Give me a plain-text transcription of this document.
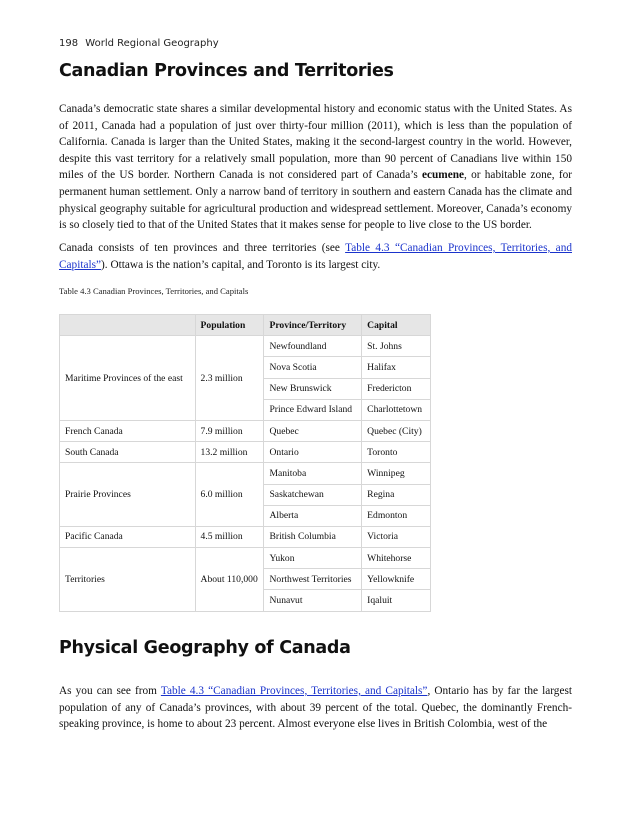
198 World Regional Geography
Canadian Provinces and Territories

Canada’s democratic state shares a similar developmental history and economic status with the United States. As of 2011, Canada had a population of just over thirty-four million (2011), which is less than the population of California. Canada is larger than the United States, making it the second-largest country in the world. However, despite this vast territory for a relatively small population, more than 90 percent of Canadians live within 150 miles of the US border. Northern Canada is not considered part of Canada’s ecumene, or habitable zone, for permanent human settlement. Only a narrow band of territory in southern and eastern Canada has the climate and physical geography suitable for agricultural production and widespread settlement. Moreover, Canada’s economy is so closely tied to that of the United States that it makes sense for people to live close to the US border.

Canada consists of ten provinces and three territories (see Table 4.3 “Canadian Provinces, Territories, and Capitals”). Ottawa is the nation’s capital, and Toronto is its largest city.

Table 4.3 Canadian Provinces, Territories, and Capitals
	Population	Province/Territory	Capital
Maritime Provinces of the east	2.3 million	Newfoundland	St. Johns
		Nova Scotia	Halifax
		New Brunswick	Fredericton
		Prince Edward Island	Charlottetown
French Canada	7.9 million	Quebec	Quebec (City)
South Canada	13.2 million	Ontario	Toronto
Prairie Provinces	6.0 million	Manitoba	Winnipeg
		Saskatchewan	Regina
		Alberta	Edmonton
Pacific Canada	4.5 million	British Columbia	Victoria
Territories	About 110,000	Yukon	Whitehorse
		Northwest Territories	Yellowknife
		Nunavut	Iqaluit
Physical Geography of Canada

As you can see from Table 4.3 “Canadian Provinces, Territories, and Capitals”, Ontario has by far the largest population of any of Canada’s provinces, with about 39 percent of the total. Quebec, the dominantly French-speaking province, is home to about 23 percent. Almost everyone else lives in British Colombia, west of the
